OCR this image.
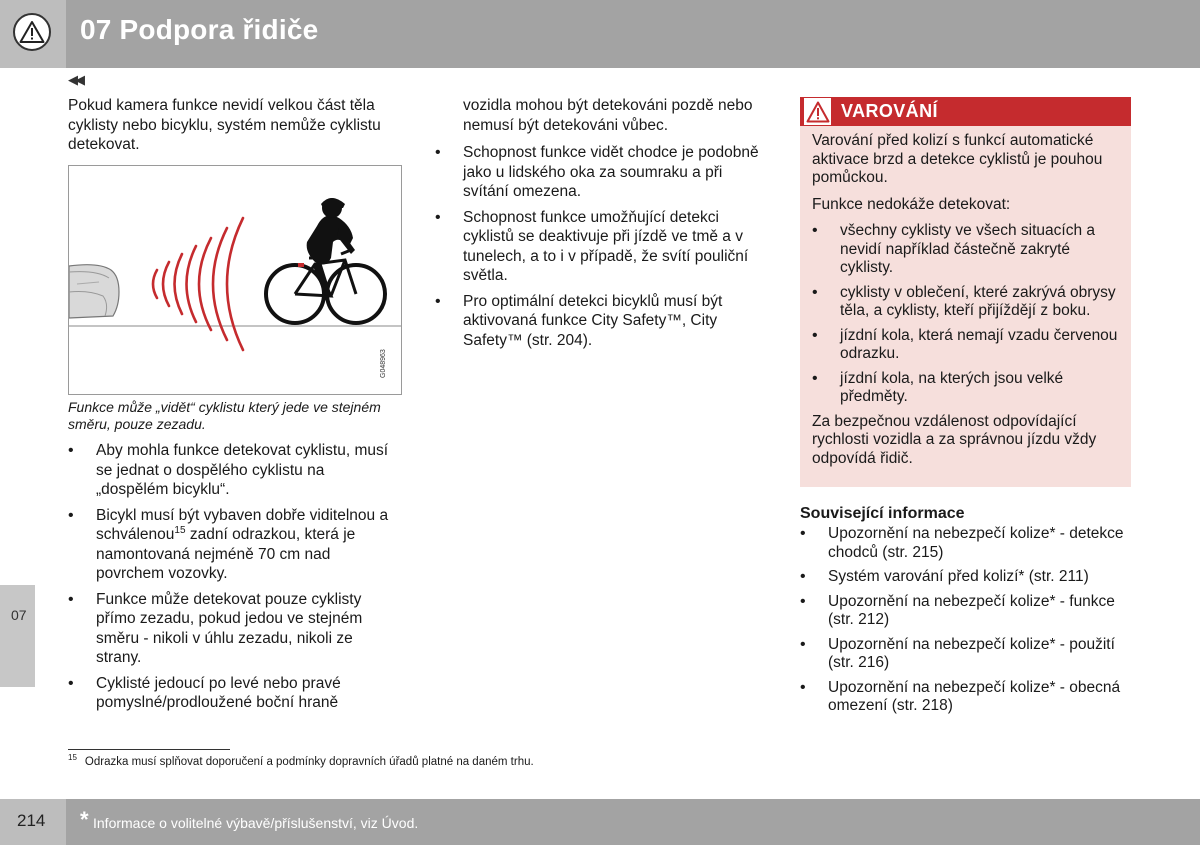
07 Podpora řidiče
◀◀
07

Pokud kamera funkce nevidí velkou část těla cyklisty nebo bicyklu, systém nemůže cyklistu detekovat.

G048963
Funkce může „vidět“ cyklistu který jede ve stejném směru, pouze zezadu.
• Aby mohla funkce detekovat cyklistu, musí se jednat o dospělého cyklistu na „dospělém bicyklu“.
• Bicykl musí být vybaven dobře viditelnou a schválenou$^{15}$ zadní odrazkou, která je namontovaná nejméně 70 cm nad povrchem vozovky.
• Funkce může detekovat pouze cyklisty přímo zezadu, pokud jedou ve stejném směru - nikoli v úhlu zezadu, nikoli ze strany.
• Cyklisté jedoucí po levé nebo pravé pomyslné/prodloužené boční hraně

vozidla mohou být detekováni pozdě nebo nemusí být detekováni vůbec.

• Schopnost funkce vidět chodce je podobně jako u lidského oka za soumraku a při svítání omezena.
• Schopnost funkce umožňující detekci cyklistů se deaktivuje při jízdě ve tmě a v tunelech, a to i v případě, že svítí pouliční světla.
• Pro optimální detekci bicyklů musí být aktivovaná funkce City Safety™, City Safety™ (str. 204).
VAROVÁNÍ

Varování před kolizí s funkcí automatické aktivace brzd a detekce cyklistů je pouhou pomůckou.

Funkce nedokáže detekovat:

• všechny cyklisty ve všech situacích a nevidí například částečně zakryté cyklisty.
• cyklisty v oblečení, které zakrývá obrysy těla, a cyklisty, kteří přijíždějí z boku.
• jízdní kola, která nemají vzadu červenou odrazku.
• jízdní kola, na kterých jsou velké předměty.

Za bezpečnou vzdálenost odpovídající rychlosti vozidla a za správnou jízdu vždy odpovídá řidič.

Související informace
• Upozornění na nebezpečí kolize* - detekce chodců (str. 215)
• Systém varování před kolizí* (str. 211)
• Upozornění na nebezpečí kolize* - funkce (str. 212)
• Upozornění na nebezpečí kolize* - použití (str. 216)
• Upozornění na nebezpečí kolize* - obecná omezení (str. 218)
$^{15}$ Odrazka musí splňovat doporučení a podmínky dopravních úřadů platné na daném trhu.
214 * Informace o volitelné výbavě/příslušenství, viz Úvod.
